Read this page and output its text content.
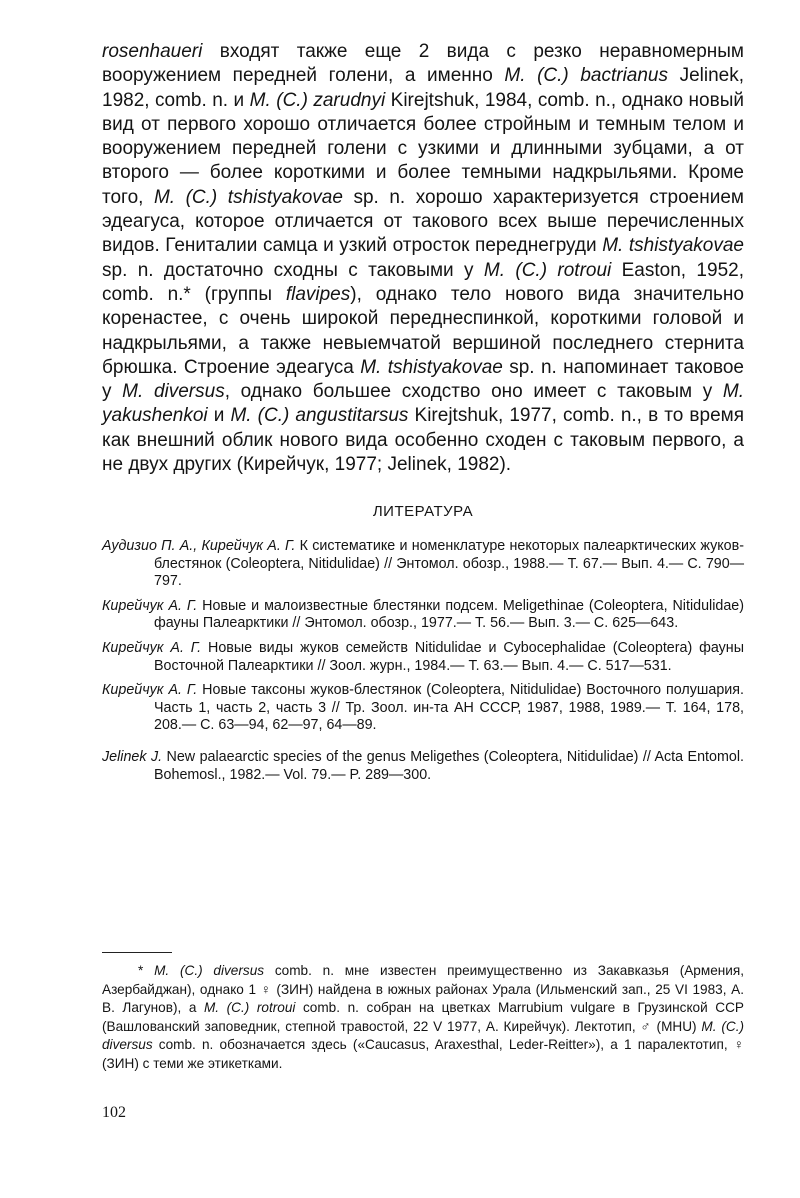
rosenhaueri входят также еще 2 вида с резко неравномерным вооружением передней голени, а именно M. (C.) bactrianus Jelinek, 1982, comb. n. и M. (C.) zarudnyi Kirejtshuk, 1984, comb. n., однако новый вид от первого хорошо отличается более стройным и темным телом и вооружением передней голени с узкими и длинными зубцами, а от второго — более короткими и более темными надкрыльями. Кроме того, M. (C.) tshistyakovae sp. n. хорошо характеризуется строением эдеагуса, которое отличается от такового всех выше перечисленных видов. Гениталии самца и узкий отросток переднегруди M. tshistyakovae sp. n. достаточно сходны с таковыми у M. (C.) rotroui Easton, 1952, comb. n.* (группы flavipes), однако тело нового вида значительно коренастее, с очень широкой переднеспинкой, короткими головой и надкрыльями, а также невыемчатой вершиной последнего стернита брюшка. Строение эдеагуса M. tshistyakovae sp. n. напоминает таковое у M. diversus, однако большее сходство оно имеет с таковым у M. yakushenkoi и M. (C.) angustitarsus Kirejtshuk, 1977, comb. n., в то время как внешний облик нового вида особенно сходен с таковым первого, а не двух других (Кирейчук, 1977; Jelinek, 1982).

ЛИТЕРАТУРА

Аудизио П. А., Кирейчук А. Г. К систематике и номенклатуре некоторых палеарктических жуков-блестянок (Coleoptera, Nitidulidae) // Энтомол. обозр., 1988.— Т. 67.— Вып. 4.— С. 790—797.

Кирейчук А. Г. Новые и малоизвестные блестянки подсем. Meligethinae (Coleoptera, Nitidulidae) фауны Палеарктики // Энтомол. обозр., 1977.— Т. 56.— Вып. 3.— С. 625—643.

Кирейчук А. Г. Новые виды жуков семейств Nitidulidae и Cybocephalidae (Coleoptera) фауны Восточной Палеарктики // Зоол. журн., 1984.— Т. 63.— Вып. 4.— С. 517—531.

Кирейчук А. Г. Новые таксоны жуков-блестянок (Coleoptera, Nitidulidae) Восточного полушария. Часть 1, часть 2, часть 3 // Тр. Зоол. ин-та АН СССР, 1987, 1988, 1989.— Т. 164, 178, 208.— С. 63—94, 62—97, 64—89.

Jelinek J. New palaearctic species of the genus Meligethes (Coleoptera, Nitidulidae) // Acta Entomol. Bohemosl., 1982.— Vol. 79.— P. 289—300.

* M. (C.) diversus comb. n. мне известен преимущественно из Закавказья (Армения, Азербайджан), однако 1 ♀ (ЗИН) найдена в южных районах Урала (Ильменский зап., 25 VI 1983, А. В. Лагунов), а M. (C.) rotroui comb. n. собран на цветках Marrubium vulgare в Грузинской ССР (Вашлованский заповедник, степной травостой, 22 V 1977, А. Кирейчук). Лектотип, ♂ (MHU) M. (C.) diversus comb. n. обозначается здесь («Caucasus, Araxesthal, Leder-Reitter»), а 1 паралектотип, ♀ (ЗИН) с теми же этикетками.

102
